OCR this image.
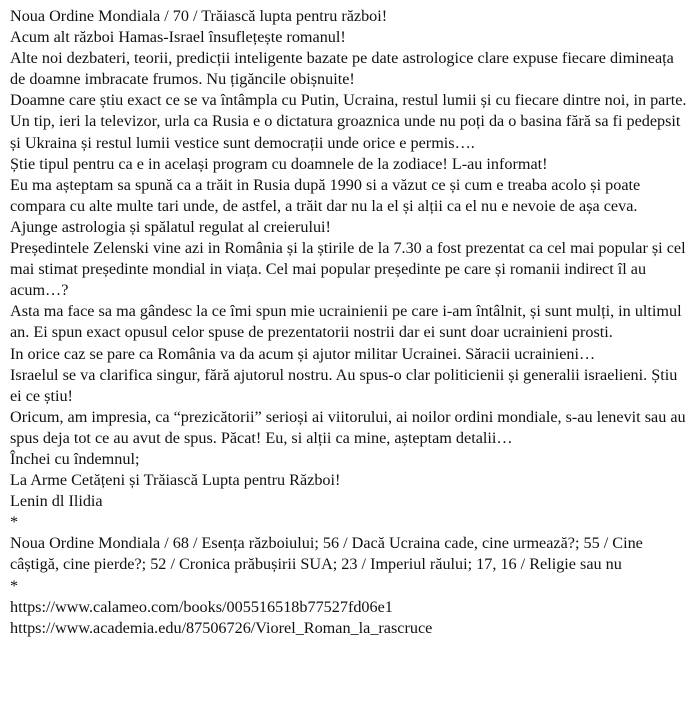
Noua Ordine Mondiala / 70 / Trăiască lupta pentru război!

Acum alt război Hamas-Israel însuflețește romanul!

Alte noi dezbateri, teorii, predicții inteligente bazate pe date astrologice clare expuse fiecare dimineața de doamne imbracate frumos. Nu țigăncile obișnuite!

Doamne care știu exact ce se va întâmpla cu Putin, Ucraina, restul lumii și cu fiecare dintre noi, in parte.

Un tip, ieri la televizor, urla ca Rusia e o dictatura groaznica unde nu poți da o basina fără sa fi pedepsit și Ukraina și restul lumii vestice sunt democrații unde orice e permis….

Știe tipul pentru ca e in același program cu doamnele de la zodiace! L-au informat!

Eu ma așteptam sa spună ca a trăit in Rusia după 1990 si a văzut ce și cum e treaba acolo și poate compara cu alte multe tari unde, de astfel, a trăit dar nu la el și alții ca el nu e nevoie de așa ceva.

Ajunge astrologia și spălatul regulat al creierului!

Președintele Zelenski vine azi in România și la știrile de la 7.30 a fost prezentat ca cel mai popular și cel mai stimat președinte mondial in viața. Cel mai popular președinte pe care și romanii indirect îl au acum…?

Asta ma face sa ma gândesc la ce îmi spun mie ucrainienii pe care i-am întâlnit, și sunt mulți, in ultimul an. Ei spun exact opusul celor spuse de prezentatorii nostrii dar ei sunt doar ucrainieni prosti.

In orice caz se pare ca România va da acum și ajutor militar Ucrainei. Săracii ucrainieni…

Israelul se va clarifica singur, fără ajutorul nostru. Au spus-o clar politicienii și generalii israelieni. Știu ei ce știu!

Oricum, am impresia, ca “prezicătorii” serioși ai viitorului, ai noilor ordini mondiale, s-au lenevit sau au spus deja tot ce au avut de spus. Păcat! Eu, si alții ca mine, așteptam detalii…

Închei cu îndemnul;

La Arme Cetățeni și Trăiască Lupta pentru Război!

Lenin dl Ilidia

*

Noua Ordine Mondiala / 68 / Esența războiului; 56 / Dacă Ucraina cade, cine urmează?; 55 / Cine câștigă, cine pierde?; 52 / Cronica prăbușirii SUA; 23 / Imperiul răului; 17, 16 / Religie sau nu

*

https://www.calameo.com/books/005516518b77527fd06e1

https://www.academia.edu/87506726/Viorel_Roman_la_rascruce
